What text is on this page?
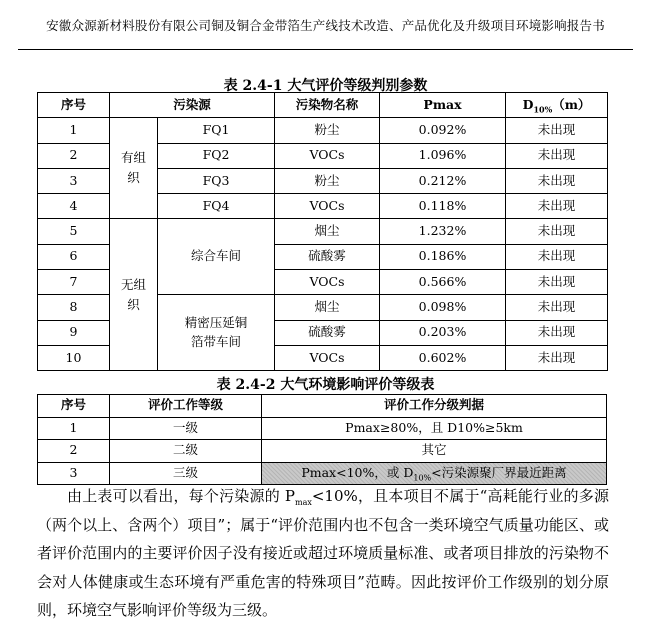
安徽众源新材料股份有限公司铜及铜合金带箔生产线技术改造、产品优化及升级项目环境影响报告书
表 2.4-1 大气评价等级判别参数
序号	污染源		污染物名称	Pmax	$D_{10\%}(m)$
1	有组织	FQ1	粉尘	0.092%	未出现
2		FQ2	VOCs	1.096%	未出现
3		FQ3	粉尘	0.212%	未出现
4		FQ4	VOCs	0.118%	未出现
5	无组织	综合车间	烟尘	1.232%	未出现
6			硫酸雾	0.186%	未出现
7			VOCs	0.566%	未出现
8		精密压延铜箔带车间	烟尘	0.098%	未出现
9			硫酸雾	0.203%	未出现
10			VOCs	0.602%	未出现
表 2.4-2 大气环境影响评价等级表
序号	评价工作等级	评价工作分级判据
1	一级	Pmax≥80%，且 D10%≥5km
2	二级	其它
3	三级	Pmax<10%，或 $D_{10\%}<$污染源聚厂界最近距离

由上表可以看出，每个污染源的 $P_{max}<10\%$，且本项目不属于“高耗能行业的多源（两个以上、含两个）项目”；属于“评价范围内也不包含一类环境空气质量功能区、或者评价范围内的主要评价因子没有接近或超过环境质量标准、或者项目排放的污染物不会对人体健康或生态环境有严重危害的特殊项目”范畴。因此按评价工作级别的划分原则，环境空气影响评价等级为三级。
